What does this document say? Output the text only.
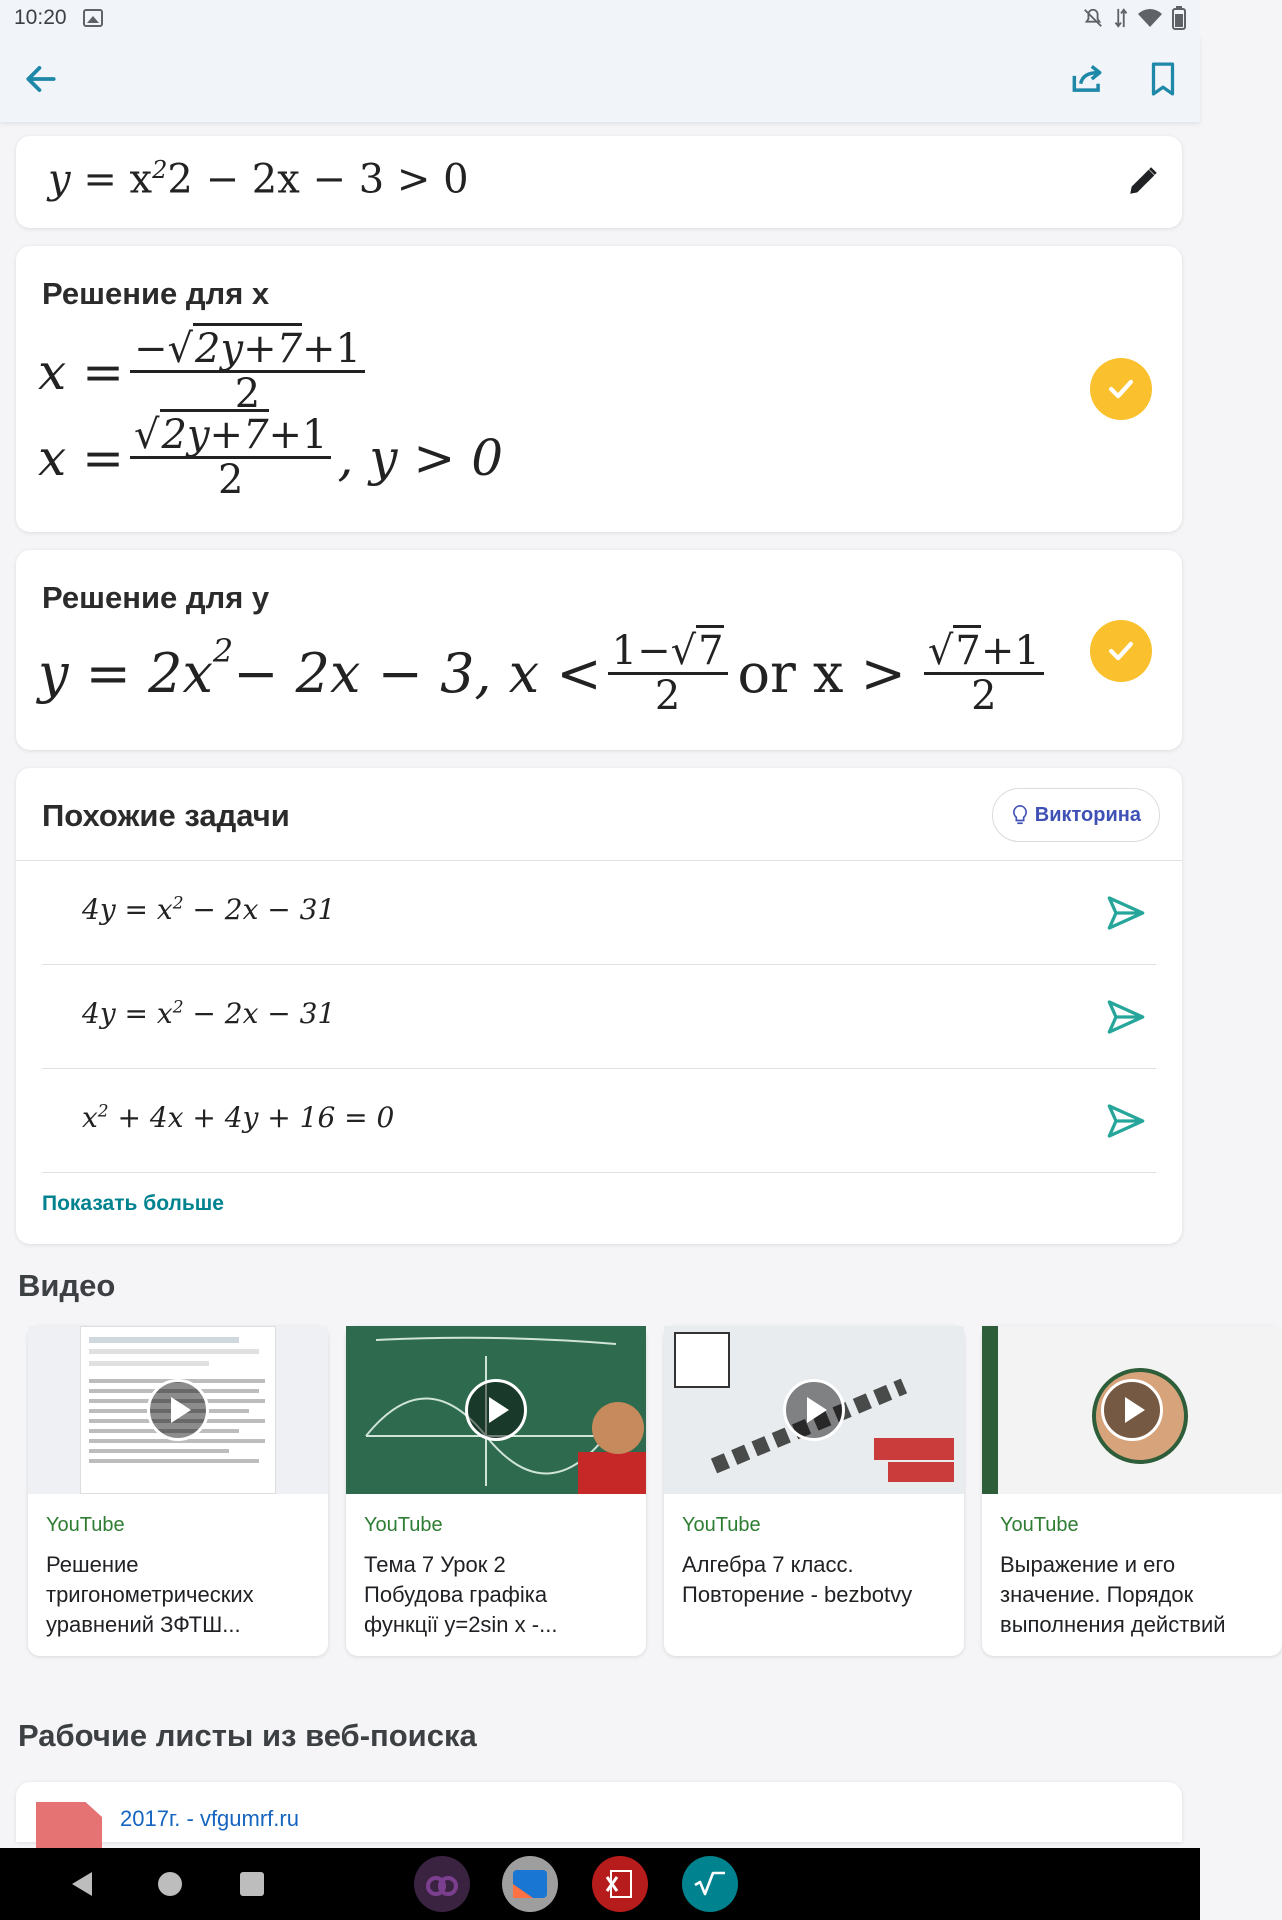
10:20
$y = x^22 - 2x - 3 > 0$
Решение для x
$x = \frac{-√2y+7+1}{2}$
$x = \frac{√2y+7+1}{2}$ , y > 0
Решение для y
$y = 2x^2 - 2x - 3$, $x < \frac{1-√7}{2}$ or $x > \frac{√7+1}{2}$
Похожие задачи	Викторина
$4y = x^2 - 2x - 31$
$4y = x^2 - 2x - 31$
$x^2 + 4x + 4y + 16 = 0$
Показать больше
Видео
YouTube
Решение
тригонометрических
уравнений ЗФТШ...
YouTube
Тема 7 Урок 2
Побудова графіка
функції y=2sin x -...
YouTube
Алгебра 7 класс.
Повторение - bezbotvy
YouTube
Выражение и его
значение. Порядок
выполнения действий
Рабочие листы из веб-поиска
2017г. - vfgumrf.ru
